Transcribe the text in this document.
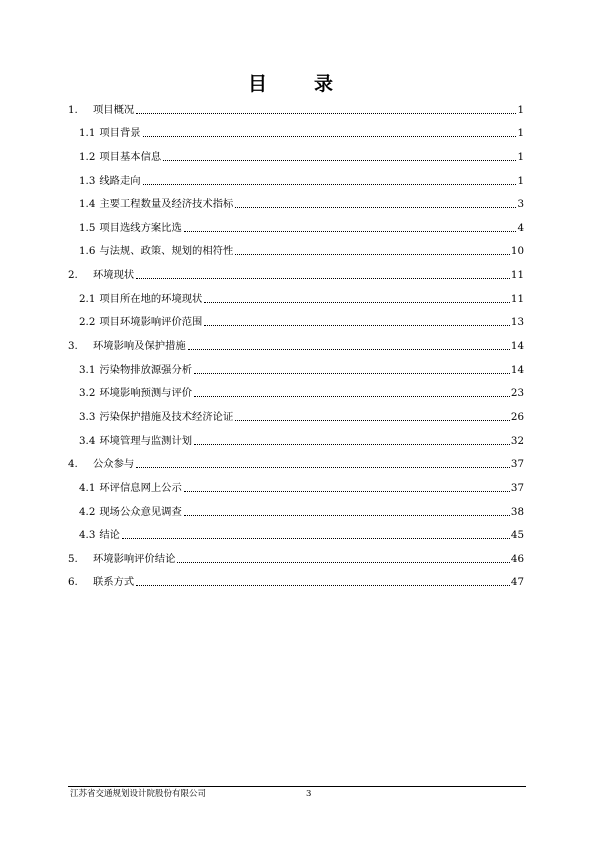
目　录
1.	项目概况	1
1.1 项目背景	1
1.2 项目基本信息	1
1.3 线路走向	1
1.4 主要工程数量及经济技术指标	3
1.5 项目选线方案比选	4
1.6 与法规、政策、规划的相符性	10
2.	环境现状	11
2.1 项目所在地的环境现状	11
2.2 项目环境影响评价范围	13
3.	环境影响及保护措施	14
3.1 污染物排放源强分析	14
3.2 环境影响预测与评价	23
3.3 污染保护措施及技术经济论证	26
3.4 环境管理与监测计划	32
4.	公众参与	37
4.1 环评信息网上公示	37
4.2 现场公众意见调查	38
4.3 结论	45
5.	环境影响评价结论	46
6.	联系方式	47
江苏省交通规划设计院股份有限公司	3
